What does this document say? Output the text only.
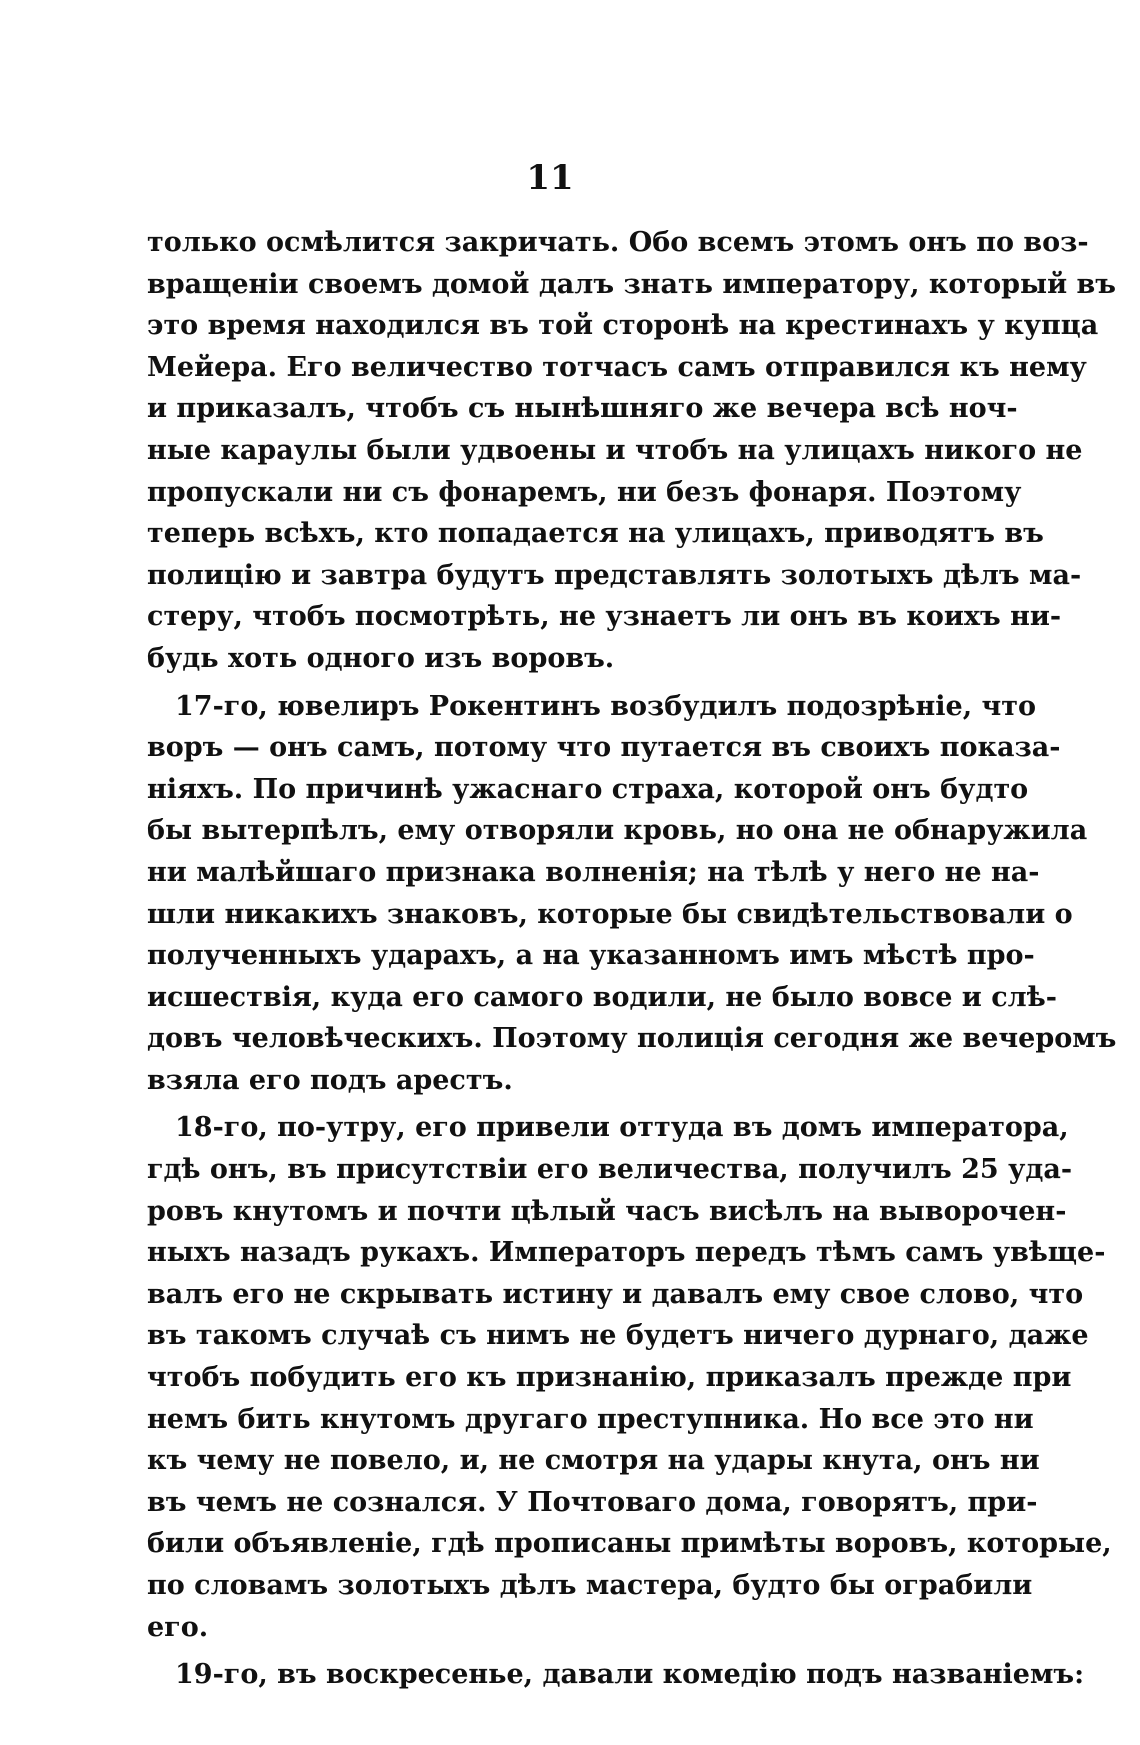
11
только осмѣлится закричать. Обо всемъ этомъ онъ по воз-
вращеніи своемъ домой далъ знать императору, который въ
это время находился въ той сторонѣ на крестинахъ у купца
Мейера. Его величество тотчасъ самъ отправился къ нему
и приказалъ, чтобъ съ нынѣшняго же вечера всѣ ноч-
ные караулы были удвоены и чтобъ на улицахъ никого не
пропускали ни съ фонаремъ, ни безъ фонаря. Поэтому
теперь всѣхъ, кто попадается на улицахъ, приводятъ въ
полицію и завтра будутъ представлять золотыхъ дѣлъ ма-
стеру, чтобъ посмотрѣть, не узнаетъ ли онъ въ коихъ ни-
будь хоть одного изъ воровъ.
17-го, ювелиръ Рокентинъ возбудилъ подозрѣніе, что
воръ — онъ самъ, потому что путается въ своихъ показа-
ніяхъ. По причинѣ ужаснаго страха, которой онъ будто
бы вытерпѣлъ, ему отворяли кровь, но она не обнаружила
ни малѣйшаго признака волненія; на тѣлѣ у него не на-
шли никакихъ знаковъ, которые бы свидѣтельствовали о
полученныхъ ударахъ, а на указанномъ имъ мѣстѣ про-
исшествія, куда его самого водили, не было вовсе и слѣ-
довъ человѣческихъ. Поэтому полиція сегодня же вечеромъ
взяла его подъ арестъ.
18-го, по-утру, его привели оттуда въ домъ императора,
гдѣ онъ, въ присутствіи его величества, получилъ 25 уда-
ровъ кнутомъ и почти цѣлый часъ висѣлъ на выворочен-
ныхъ назадъ рукахъ. Императоръ передъ тѣмъ самъ увѣще-
валъ его не скрывать истину и давалъ ему свое слово, что
въ такомъ случаѣ съ нимъ не будетъ ничего дурнаго, даже
чтобъ побудить его къ признанію, приказалъ прежде при
немъ бить кнутомъ другаго преступника. Но все это ни
къ чему не повело, и, не смотря на удары кнута, онъ ни
въ чемъ не сознался. У Почтоваго дома, говорятъ, при-
били объявленіе, гдѣ прописаны примѣты воровъ, которые,
по словамъ золотыхъ дѣлъ мастера, будто бы ограбили
его.
19-го, въ воскресенье, давали комедію подъ названіемъ:
